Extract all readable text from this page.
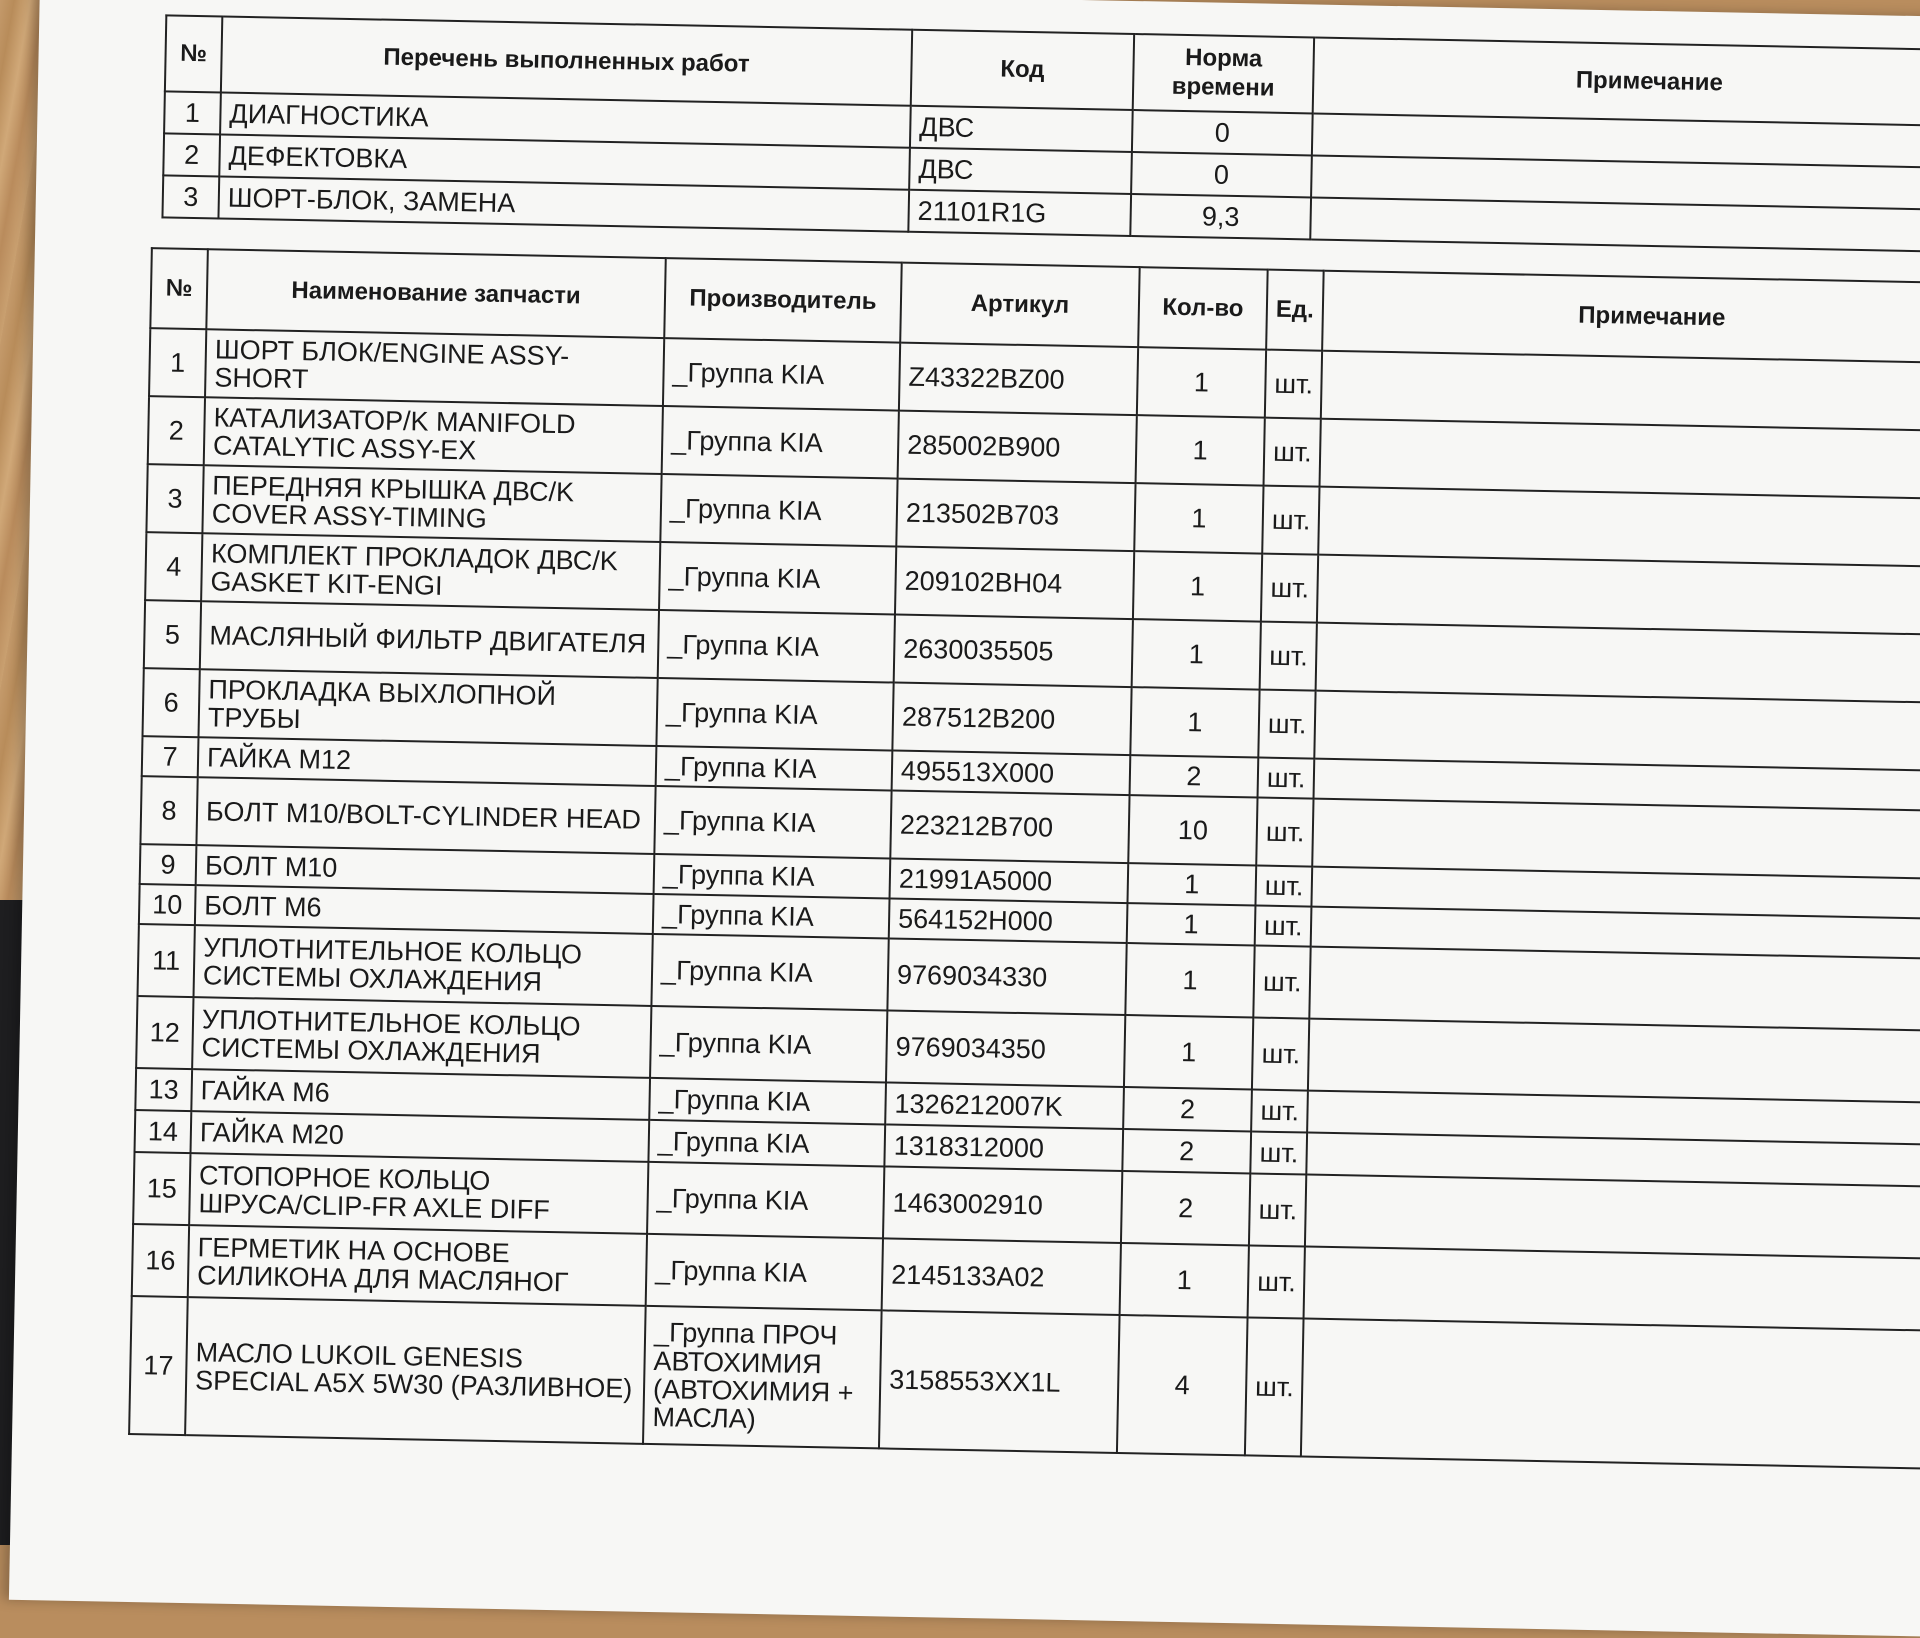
№	Перечень выполненных работ	Код	Норма времени	Примечание
1	ДИАГНОСТИКА	ДВС	0	
2	ДЕФЕКТОВКА	ДВС	0	
3	ШОРТ-БЛОК, ЗАМЕНА	21101R1G	9,3	
№	Наименование запчасти	Производитель	Артикул	Кол-во	Ед.	Примечание
1	ШОРТ БЛОК/ENGINE ASSY-SHORT	_Группа KIA	Z43322BZ00	1	шт.	
2	КАТАЛИЗАТОР/K MANIFOLD CATALYTIC ASSY-EX	_Группа KIA	285002B900	1	шт.	
3	ПЕРЕДНЯЯ КРЫШКА ДВС/K COVER ASSY-TIMING	_Группа KIA	213502B703	1	шт.	
4	КОМПЛЕКТ ПРОКЛАДОК ДВС/K GASKET KIT-ENGI	_Группа KIA	209102BH04	1	шт.	
5	МАСЛЯНЫЙ ФИЛЬТР ДВИГАТЕЛЯ	_Группа KIA	2630035505	1	шт.	
6	ПРОКЛАДКА ВЫХЛОПНОЙ ТРУБЫ	_Группа KIA	287512B200	1	шт.	
7	ГАЙКА М12	_Группа KIA	495513X000	2	шт.	
8	БОЛТ М10/BOLT-CYLINDER HEAD	_Группа KIA	223212B700	10	шт.	
9	БОЛТ М10	_Группа KIA	21991A5000	1	шт.	
10	БОЛТ М6	_Группа KIA	564152H000	1	шт.	
11	УПЛОТНИТЕЛЬНОЕ КОЛЬЦО СИСТЕМЫ ОХЛАЖДЕНИЯ	_Группа KIA	9769034330	1	шт.	
12	УПЛОТНИТЕЛЬНОЕ КОЛЬЦО СИСТЕМЫ ОХЛАЖДЕНИЯ	_Группа KIA	9769034350	1	шт.	
13	ГАЙКА М6	_Группа KIA	1326212007K	2	шт.	
14	ГАЙКА М20	_Группа KIA	1318312000	2	шт.	
15	СТОПОРНОЕ КОЛЬЦО ШРУСА/CLIP-FR AXLE DIFF	_Группа KIA	1463002910	2	шт.	
16	ГЕРМЕТИК НА ОСНОВЕ СИЛИКОНА ДЛЯ МАСЛЯНОГ	_Группа KIA	2145133A02	1	шт.	
17	МАСЛО LUKOIL GENESIS SPECIAL A5X 5W30 (РАЗЛИВНОЕ)	_Группа ПРОЧ АВТОХИМИЯ (АВТОХИМИЯ + МАСЛА)	3158553XX1L	4	шт.	
